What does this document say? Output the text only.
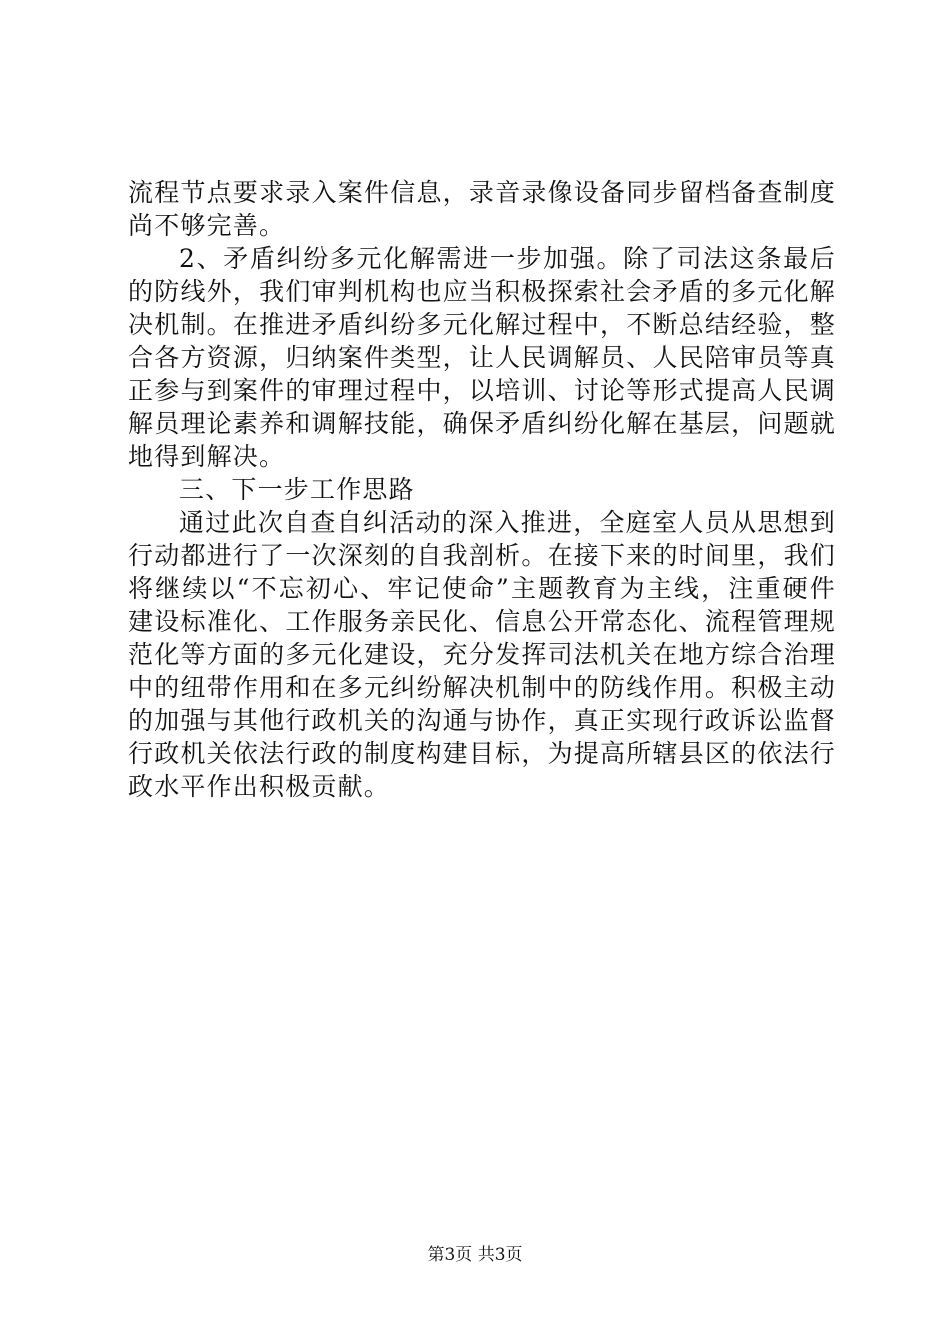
流程节点要求录入案件信息，录音录像设备同步留档备查制度尚不够完善。

2、矛盾纠纷多元化解需进一步加强。除了司法这条最后的防线外，我们审判机构也应当积极探索社会矛盾的多元化解决机制。在推进矛盾纠纷多元化解过程中，不断总结经验，整合各方资源，归纳案件类型，让人民调解员、人民陪审员等真正参与到案件的审理过程中，以培训、讨论等形式提高人民调解员理论素养和调解技能，确保矛盾纠纷化解在基层，问题就地得到解决。

三、下一步工作思路

通过此次自查自纠活动的深入推进，全庭室人员从思想到行动都进行了一次深刻的自我剖析。在接下来的时间里，我们将继续以“不忘初心、牢记使命”主题教育为主线，注重硬件建设标准化、工作服务亲民化、信息公开常态化、流程管理规范化等方面的多元化建设，充分发挥司法机关在地方综合治理中的纽带作用和在多元纠纷解决机制中的防线作用。积极主动的加强与其他行政机关的沟通与协作，真正实现行政诉讼监督行政机关依法行政的制度构建目标，为提高所辖县区的依法行政水平作出积极贡献。

第3页 共3页
